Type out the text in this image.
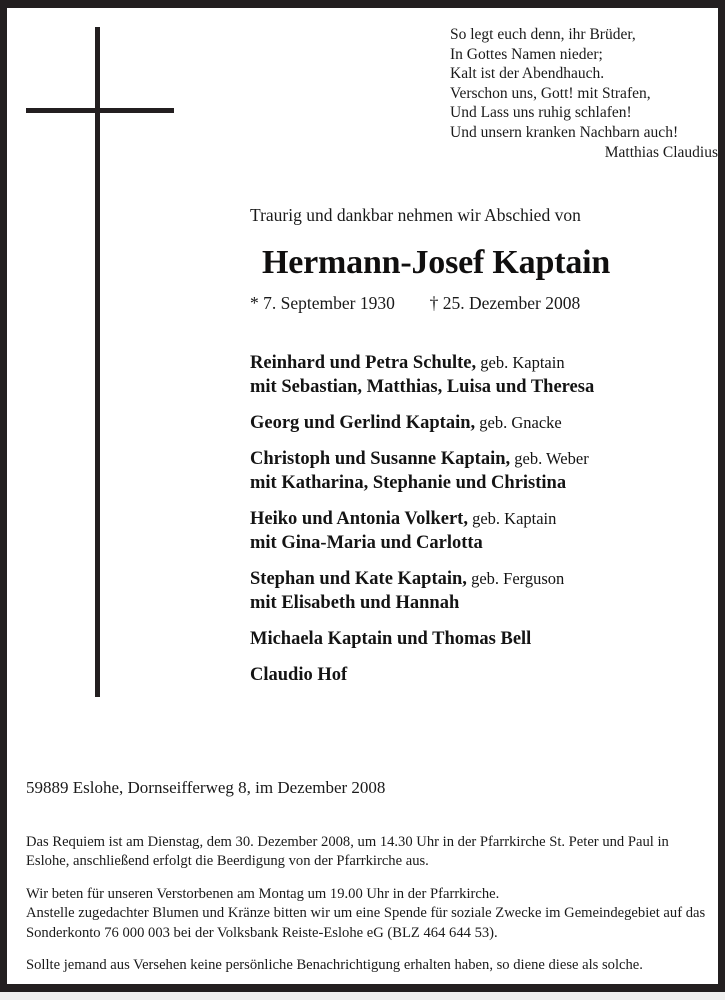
So legt euch denn, ihr Brüder,
In Gottes Namen nieder;
Kalt ist der Abendhauch.
Verschon uns, Gott! mit Strafen,
Und Lass uns ruhig schlafen!
Und unsern kranken Nachbarn auch!
Matthias Claudius
Traurig und dankbar nehmen wir Abschied von
Hermann-Josef Kaptain
* 7. September 1930 † 25. Dezember 2008
Reinhard und Petra Schulte, geb. Kaptain
mit Sebastian, Matthias, Luisa und Theresa
Georg und Gerlind Kaptain, geb. Gnacke
Christoph und Susanne Kaptain, geb. Weber
mit Katharina, Stephanie und Christina
Heiko und Antonia Volkert, geb. Kaptain
mit Gina-Maria und Carlotta
Stephan und Kate Kaptain, geb. Ferguson
mit Elisabeth und Hannah
Michaela Kaptain und Thomas Bell
Claudio Hof
59889 Eslohe, Dornseifferweg 8, im Dezember 2008

Das Requiem ist am Dienstag, dem 30. Dezember 2008, um 14.30 Uhr in der Pfarrkirche St. Peter und Paul in Eslohe, anschließend erfolgt die Beerdigung von der Pfarrkirche aus.

Wir beten für unseren Verstorbenen am Montag um 19.00 Uhr in der Pfarrkirche.

Anstelle zugedachter Blumen und Kränze bitten wir um eine Spende für soziale Zwecke im Gemeindegebiet auf das Sonderkonto 76 000 003 bei der Volksbank Reiste-Eslohe eG (BLZ 464 644 53).

Sollte jemand aus Versehen keine persönliche Benachrichtigung erhalten haben, so diene diese als solche.
